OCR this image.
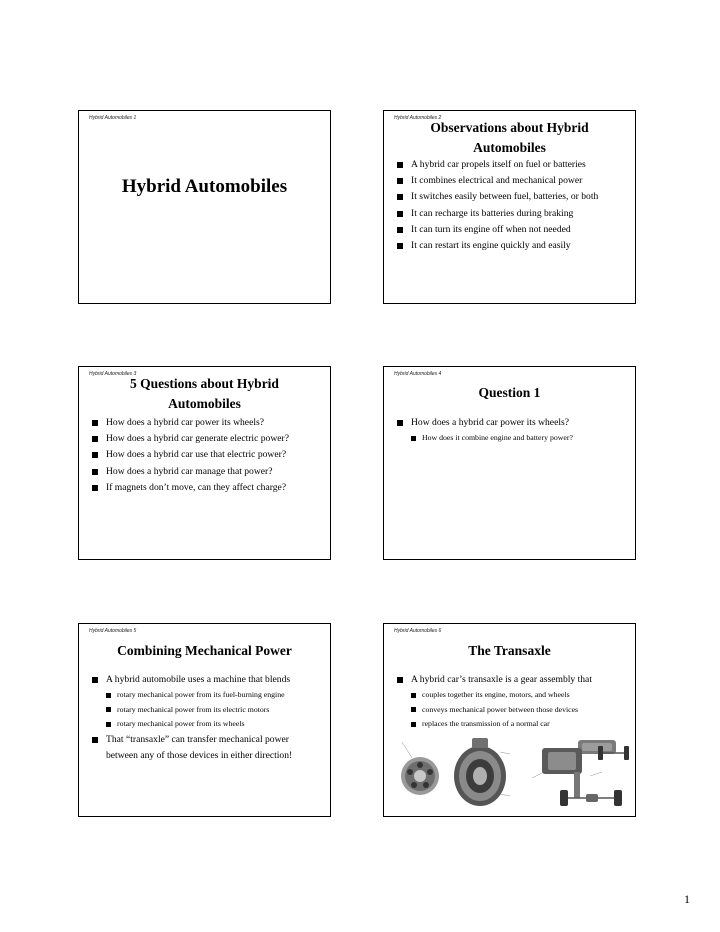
Hybrid Automobiles 1
Hybrid Automobiles
Hybrid Automobiles 2
Observations about Hybrid
Automobiles
A hybrid car propels itself on fuel or batteries
It combines electrical and mechanical power
It switches easily between fuel, batteries, or both
It can recharge its batteries during braking
It can turn its engine off when not needed
It can restart its engine quickly and easily
Hybrid Automobiles 3
5 Questions about Hybrid
Automobiles
How does a hybrid car power its wheels?
How does a hybrid car generate electric power?
How does a hybrid car use that electric power?
How does a hybrid car manage that power?
If magnets don’t move, can they affect charge?
Hybrid Automobiles 4
Question 1
How does a hybrid car power its wheels?
How does it combine engine and battery power?
Hybrid Automobiles 5
Combining Mechanical Power
A hybrid automobile uses a machine that blends
rotary mechanical power from its fuel-burning engine
rotary mechanical power from its electric motors
rotary mechanical power from its wheels
That “transaxle” can transfer mechanical power
between any of those devices in either direction!
Hybrid Automobiles 6
The Transaxle
A hybrid car’s transaxle is a gear assembly that
couples together its engine, motors, and wheels
conveys mechanical power between those devices
replaces the transmission of a normal car
1
